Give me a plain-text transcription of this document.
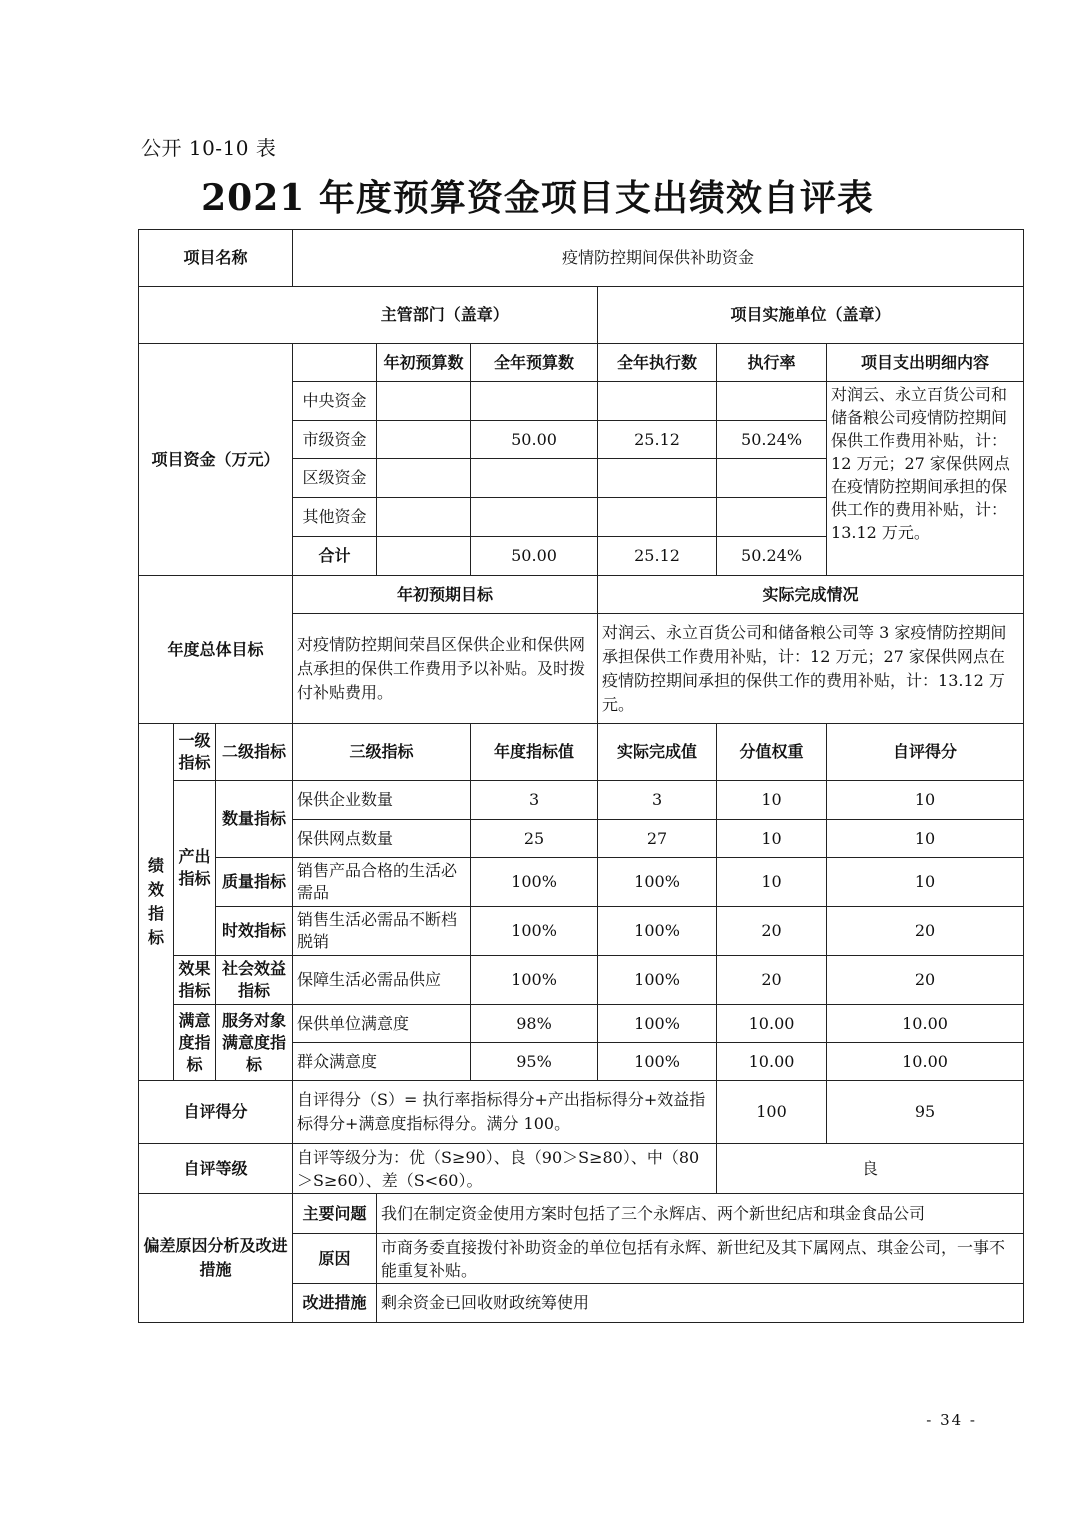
公开 10-10 表
2021 年度预算资金项目支出绩效自评表
项目名称			疫情防控期间保供补助资金					
			主管部门（盖章）			项目实施单位（盖章）		
项目资金（万元）				年初预算数	全年预算数	全年执行数	执行率	项目支出明细内容
			中央资金					对润云、永立百货公司和储备粮公司疫情防控期间保供工作费用补贴，计：12 万元；27 家保供网点在疫情防控期间承担的保供工作的费用补贴，计：13.12 万元。
			市级资金		50.00	25.12	50.24%	
			区级资金					
			其他资金					
			合计		50.00	25.12	50.24%	
年度总体目标			年初预期目标			实际完成情况		
			对疫情防控期间荣昌区保供企业和保供网点承担的保供工作费用予以补贴。及时拨付补贴费用。			对润云、永立百货公司和储备粮公司等 3 家疫情防控期间承担保供工作费用补贴，计：12 万元；27 家保供网点在疫情防控期间承担的保供工作的费用补贴，计：13.12 万元。		
绩效指标	一级指标	二级指标	三级指标		年度指标值	实际完成值	分值权重	自评得分
	产出指标	数量指标	保供企业数量		3	3	10	10
			保供网点数量		25	27	10	10
		质量指标	销售产品合格的生活必需品		100%	100%	10	10
		时效指标	销售生活必需品不断档脱销		100%	100%	20	20
	效果指标	社会效益指标	保障生活必需品供应		100%	100%	20	20
	满意度指标	服务对象满意度指标	保供单位满意度		98%	100%	10.00	10.00
			群众满意度		95%	100%	10.00	10.00
自评得分			自评得分（S）= 执行率指标得分+产出指标得分+效益指标得分+满意度指标得分。满分 100。				100	95
自评等级			自评等级分为：优（S≥90）、良（90＞S≥80）、中（80＞S≥60）、差（S<60）。				良	
偏差原因分析及改进措施			主要问题	我们在制定资金使用方案时包括了三个永辉店、两个新世纪店和琪金食品公司				
			原因	市商务委直接拨付补助资金的单位包括有永辉、新世纪及其下属网点、琪金公司，一事不能重复补贴。				
			改进措施	剩余资金已回收财政统筹使用				
- 34 -
